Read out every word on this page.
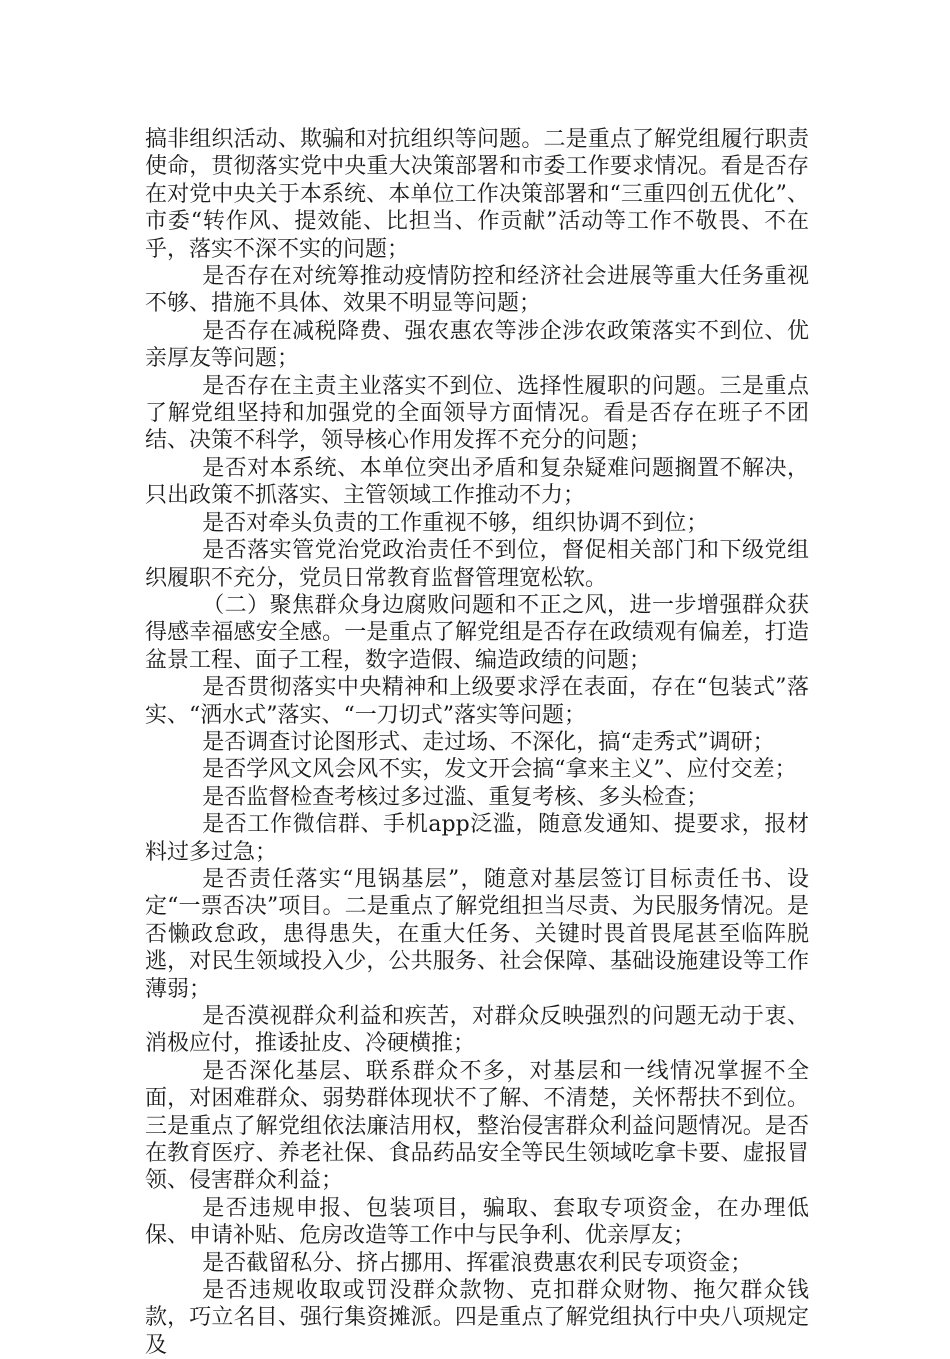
搞非组织活动、欺骗和对抗组织等问题。二是重点了解党组履行职责使命，贯彻落实党中央重大决策部署和市委工作要求情况。看是否存在对党中央关于本系统、本单位工作决策部署和“三重四创五优化”、市委“转作风、提效能、比担当、作贡献”活动等工作不敬畏、不在乎，落实不深不实的问题；

是否存在对统筹推动疫情防控和经济社会进展等重大任务重视不够、措施不具体、效果不明显等问题；

是否存在减税降费、强农惠农等涉企涉农政策落实不到位、优亲厚友等问题；

是否存在主责主业落实不到位、选择性履职的问题。三是重点了解党组坚持和加强党的全面领导方面情况。看是否存在班子不团结、决策不科学，领导核心作用发挥不充分的问题；

是否对本系统、本单位突出矛盾和复杂疑难问题搁置不解决，只出政策不抓落实、主管领域工作推动不力；

是否对牵头负责的工作重视不够，组织协调不到位；

是否落实管党治党政治责任不到位，督促相关部门和下级党组织履职不充分，党员日常教育监督管理宽松软。

（二）聚焦群众身边腐败问题和不正之风，进一步增强群众获得感幸福感安全感。一是重点了解党组是否存在政绩观有偏差，打造盆景工程、面子工程，数字造假、编造政绩的问题；

是否贯彻落实中央精神和上级要求浮在表面，存在“包装式”落实、“洒水式”落实、“一刀切式”落实等问题；

是否调查讨论图形式、走过场、不深化，搞“走秀式”调研；

是否学风文风会风不实，发文开会搞“拿来主义”、应付交差；

是否监督检查考核过多过滥、重复考核、多头检查；

是否工作微信群、手机app泛滥，随意发通知、提要求，报材料过多过急；

是否责任落实“甩锅基层”，随意对基层签订目标责任书、设定“一票否决”项目。二是重点了解党组担当尽责、为民服务情况。是否懒政怠政，患得患失，在重大任务、关键时畏首畏尾甚至临阵脱逃，对民生领域投入少，公共服务、社会保障、基础设施建设等工作薄弱；

是否漠视群众利益和疾苦，对群众反映强烈的问题无动于衷、消极应付，推诿扯皮、冷硬横推；

是否深化基层、联系群众不多，对基层和一线情况掌握不全面，对困难群众、弱势群体现状不了解、不清楚，关怀帮扶不到位。三是重点了解党组依法廉洁用权，整治侵害群众利益问题情况。是否在教育医疗、养老社保、食品药品安全等民生领域吃拿卡要、虚报冒领、侵害群众利益；

是否违规申报、包装项目，骗取、套取专项资金，在办理低保、申请补贴、危房改造等工作中与民争利、优亲厚友；

是否截留私分、挤占挪用、挥霍浪费惠农利民专项资金；

是否违规收取或罚没群众款物、克扣群众财物、拖欠群众钱款，巧立名目、强行集资摊派。四是重点了解党组执行中央八项规定及
